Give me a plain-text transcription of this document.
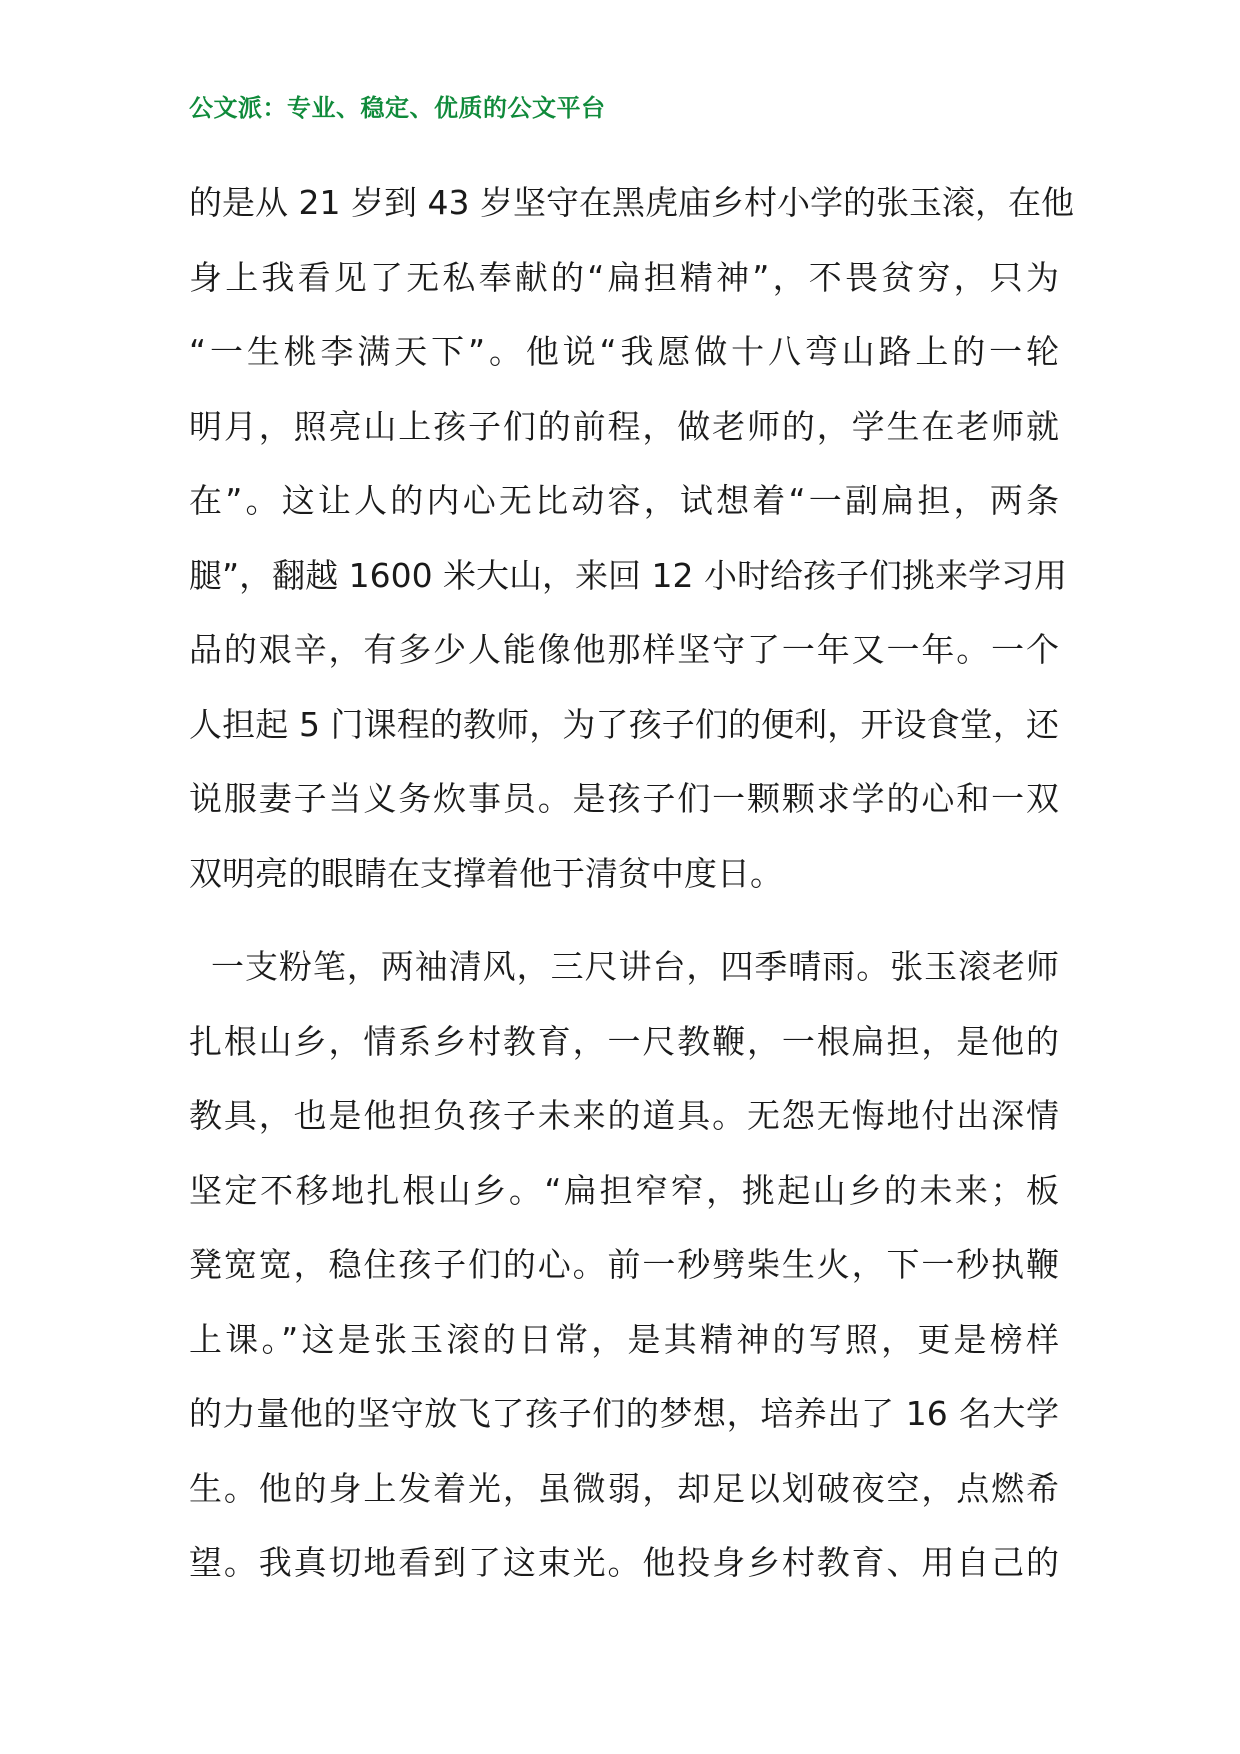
公文派：专业、稳定、优质的公文平台
的是从 21 岁到 43 岁坚守在黑虎庙乡村小学的张玉滚，在他
身上我看见了无私奉献的“扁担精神”，不畏贫穷，只为
“一生桃李满天下”。他说“我愿做十八弯山路上的一轮
明月，照亮山上孩子们的前程，做老师的，学生在老师就
在”。这让人的内心无比动容，试想着“一副扁担，两条
腿”，翻越 1600 米大山，来回 12 小时给孩子们挑来学习用
品的艰辛，有多少人能像他那样坚守了一年又一年。一个
人担起 5 门课程的教师，为了孩子们的便利，开设食堂，还
说服妻子当义务炊事员。是孩子们一颗颗求学的心和一双
双明亮的眼睛在支撑着他于清贫中度日。
一支粉笔，两袖清风，三尺讲台，四季晴雨。张玉滚老师
扎根山乡，情系乡村教育，一尺教鞭，一根扁担，是他的
教具，也是他担负孩子未来的道具。无怨无悔地付出深情
坚定不移地扎根山乡。“扁担窄窄，挑起山乡的未来；板
凳宽宽，稳住孩子们的心。前一秒劈柴生火，下一秒执鞭
上课。”这是张玉滚的日常，是其精神的写照，更是榜样
的力量他的坚守放飞了孩子们的梦想，培养出了 16 名大学
生。他的身上发着光，虽微弱，却足以划破夜空，点燃希
望。我真切地看到了这束光。他投身乡村教育、用自己的
